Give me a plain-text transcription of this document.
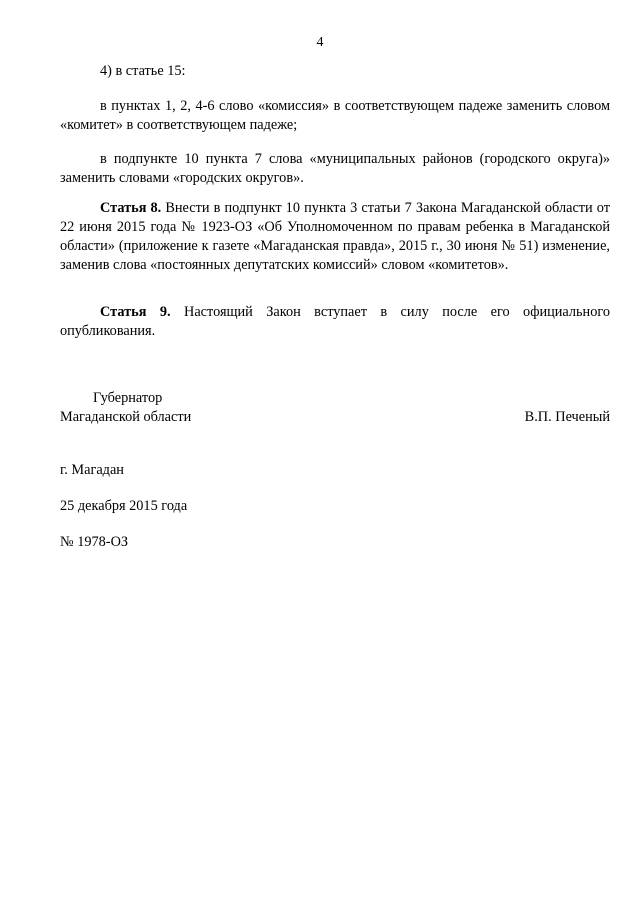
4
4) в статье 15:
в пунктах 1, 2, 4-6 слово «комиссия» в соответствующем падеже заменить словом «комитет» в соответствующем падеже;
в подпункте 10 пункта 7 слова «муниципальных районов (городского округа)» заменить словами «городских округов».
Статья 8. Внести в подпункт 10 пункта 3 статьи 7 Закона Магаданской области от 22 июня 2015 года № 1923-ОЗ «Об Уполномоченном по правам ребенка в Магаданской области» (приложение к газете «Магаданская правда», 2015 г., 30 июня № 51) изменение, заменив слова «постоянных депутатских комиссий» словом «комитетов».
Статья 9. Настоящий Закон вступает в силу после его официального опубликования.
Губернатор
Магаданской области	В.П. Печеный
г. Магадан
25 декабря 2015 года
№ 1978-ОЗ
